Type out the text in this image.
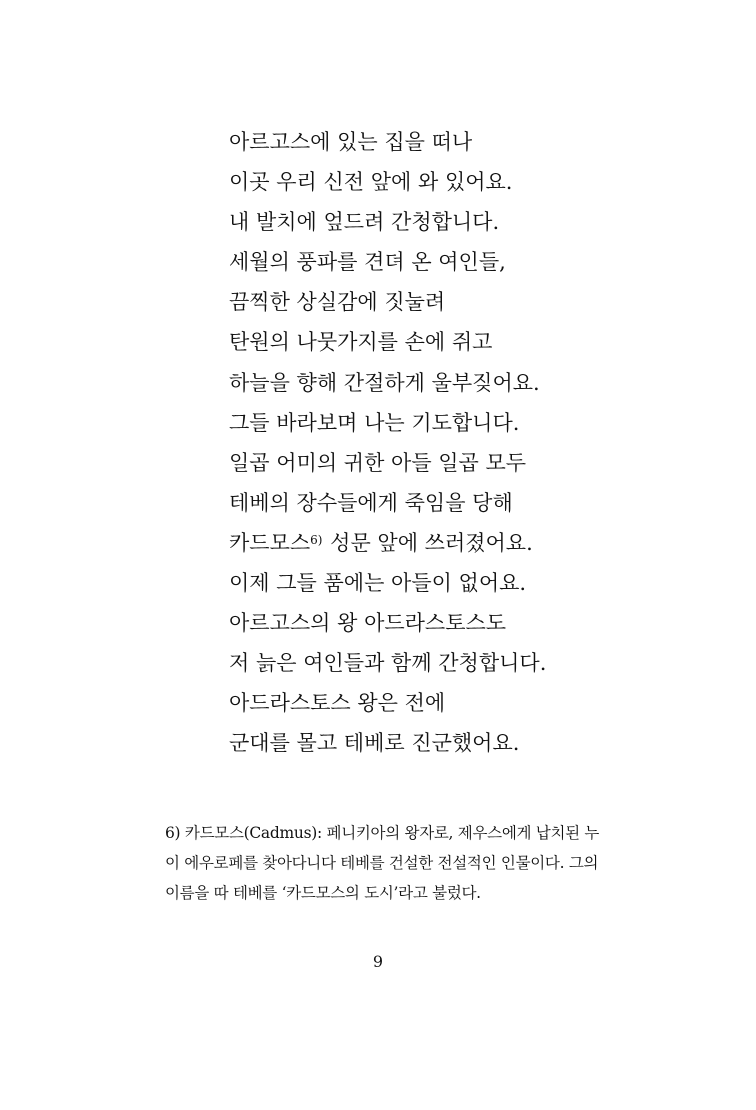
아르고스에 있는 집을 떠나
이곳 우리 신전 앞에 와 있어요.
내 발치에 엎드려 간청합니다.
세월의 풍파를 견뎌 온 여인들,
끔찍한 상실감에 짓눌려
탄원의 나뭇가지를 손에 쥐고
하늘을 향해 간절하게 울부짖어요.
그들 바라보며 나는 기도합니다.
일곱 어미의 귀한 아들 일곱 모두
테베의 장수들에게 죽임을 당해
카드모스$^{6)}$ 성문 앞에 쓰러졌어요.
이제 그들 품에는 아들이 없어요.
아르고스의 왕 아드라스토스도
저 늙은 여인들과 함께 간청합니다.
아드라스토스 왕은 전에
군대를 몰고 테베로 진군했어요.
6) 카드모스(Cadmus): 페니키아의 왕자로, 제우스에게 납치된 누
이 에우로페를 찾아다니다 테베를 건설한 전설적인 인물이다. 그의
이름을 따 테베를 ‘카드모스의 도시’라고 불렀다.
9
